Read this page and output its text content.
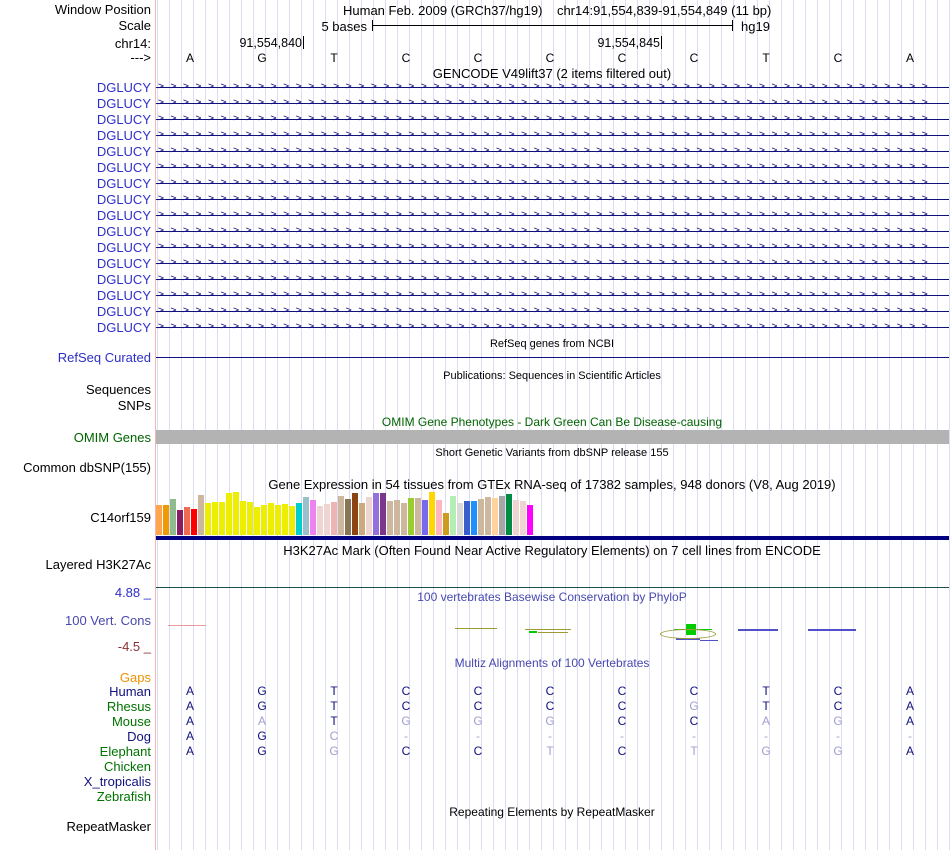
Window Position	Human Feb. 2009 (GRCh37/hg19) chr14:91,554,839-91,554,849 (11 bp)
Scale	5 bases	hg19
chr14:	91,554,840	91,554,845
--->	A	G	T	C	C	C	C	C	T	C	A
GENCODE V49lift37 (2 items filtered out)
DGLUCY >>>>>>>>>>>>>>>>>>>>>>>>>>>>>>>>>>>>>>>>>>>>>>>>>>>>>>>>>>>>>>
DGLUCY >>>>>>>>>>>>>>>>>>>>>>>>>>>>>>>>>>>>>>>>>>>>>>>>>>>>>>>>>>>>>>
DGLUCY >>>>>>>>>>>>>>>>>>>>>>>>>>>>>>>>>>>>>>>>>>>>>>>>>>>>>>>>>>>>>>
DGLUCY >>>>>>>>>>>>>>>>>>>>>>>>>>>>>>>>>>>>>>>>>>>>>>>>>>>>>>>>>>>>>>
DGLUCY >>>>>>>>>>>>>>>>>>>>>>>>>>>>>>>>>>>>>>>>>>>>>>>>>>>>>>>>>>>>>>
DGLUCY >>>>>>>>>>>>>>>>>>>>>>>>>>>>>>>>>>>>>>>>>>>>>>>>>>>>>>>>>>>>>>
DGLUCY >>>>>>>>>>>>>>>>>>>>>>>>>>>>>>>>>>>>>>>>>>>>>>>>>>>>>>>>>>>>>>
DGLUCY >>>>>>>>>>>>>>>>>>>>>>>>>>>>>>>>>>>>>>>>>>>>>>>>>>>>>>>>>>>>>>
DGLUCY >>>>>>>>>>>>>>>>>>>>>>>>>>>>>>>>>>>>>>>>>>>>>>>>>>>>>>>>>>>>>>
DGLUCY >>>>>>>>>>>>>>>>>>>>>>>>>>>>>>>>>>>>>>>>>>>>>>>>>>>>>>>>>>>>>>
DGLUCY >>>>>>>>>>>>>>>>>>>>>>>>>>>>>>>>>>>>>>>>>>>>>>>>>>>>>>>>>>>>>>
DGLUCY >>>>>>>>>>>>>>>>>>>>>>>>>>>>>>>>>>>>>>>>>>>>>>>>>>>>>>>>>>>>>>
DGLUCY >>>>>>>>>>>>>>>>>>>>>>>>>>>>>>>>>>>>>>>>>>>>>>>>>>>>>>>>>>>>>>
DGLUCY >>>>>>>>>>>>>>>>>>>>>>>>>>>>>>>>>>>>>>>>>>>>>>>>>>>>>>>>>>>>>>
DGLUCY >>>>>>>>>>>>>>>>>>>>>>>>>>>>>>>>>>>>>>>>>>>>>>>>>>>>>>>>>>>>>>
DGLUCY >>>>>>>>>>>>>>>>>>>>>>>>>>>>>>>>>>>>>>>>>>>>>>>>>>>>>>>>>>>>>>
RefSeq genes from NCBI
RefSeq Curated
Publications: Sequences in Scientific Articles
Sequences
SNPs
OMIM Gene Phenotypes - Dark Green Can Be Disease-causing
OMIM Genes
Short Genetic Variants from dbSNP release 155
Common dbSNP(155)
Gene Expression in 54 tissues from GTEx RNA-seq of 17382 samples, 948 donors (V8, Aug 2019)
C14orf159
H3K27Ac Mark (Often Found Near Active Regulatory Elements) on 7 cell lines from ENCODE
Layered H3K27Ac
4.88 _	100 vertebrates Basewise Conservation by PhyloP
100 Vert. Cons
-4.5 _
Multiz Alignments of 100 Vertebrates
Gaps
Human	A	G	T	C	C	C	C	C	T	C	A
Rhesus	A	G	T	C	C	C	C	G	T	C	A
Mouse	A	A	T	G	G	G	C	C	A	G	A
Dog	A	G	C	-	-	-	-	-	-	-	-
Elephant	A	G	G	C	C	T	C	T	G	G	A
Chicken
X_tropicalis
Zebrafish
Repeating Elements by RepeatMasker
RepeatMasker
